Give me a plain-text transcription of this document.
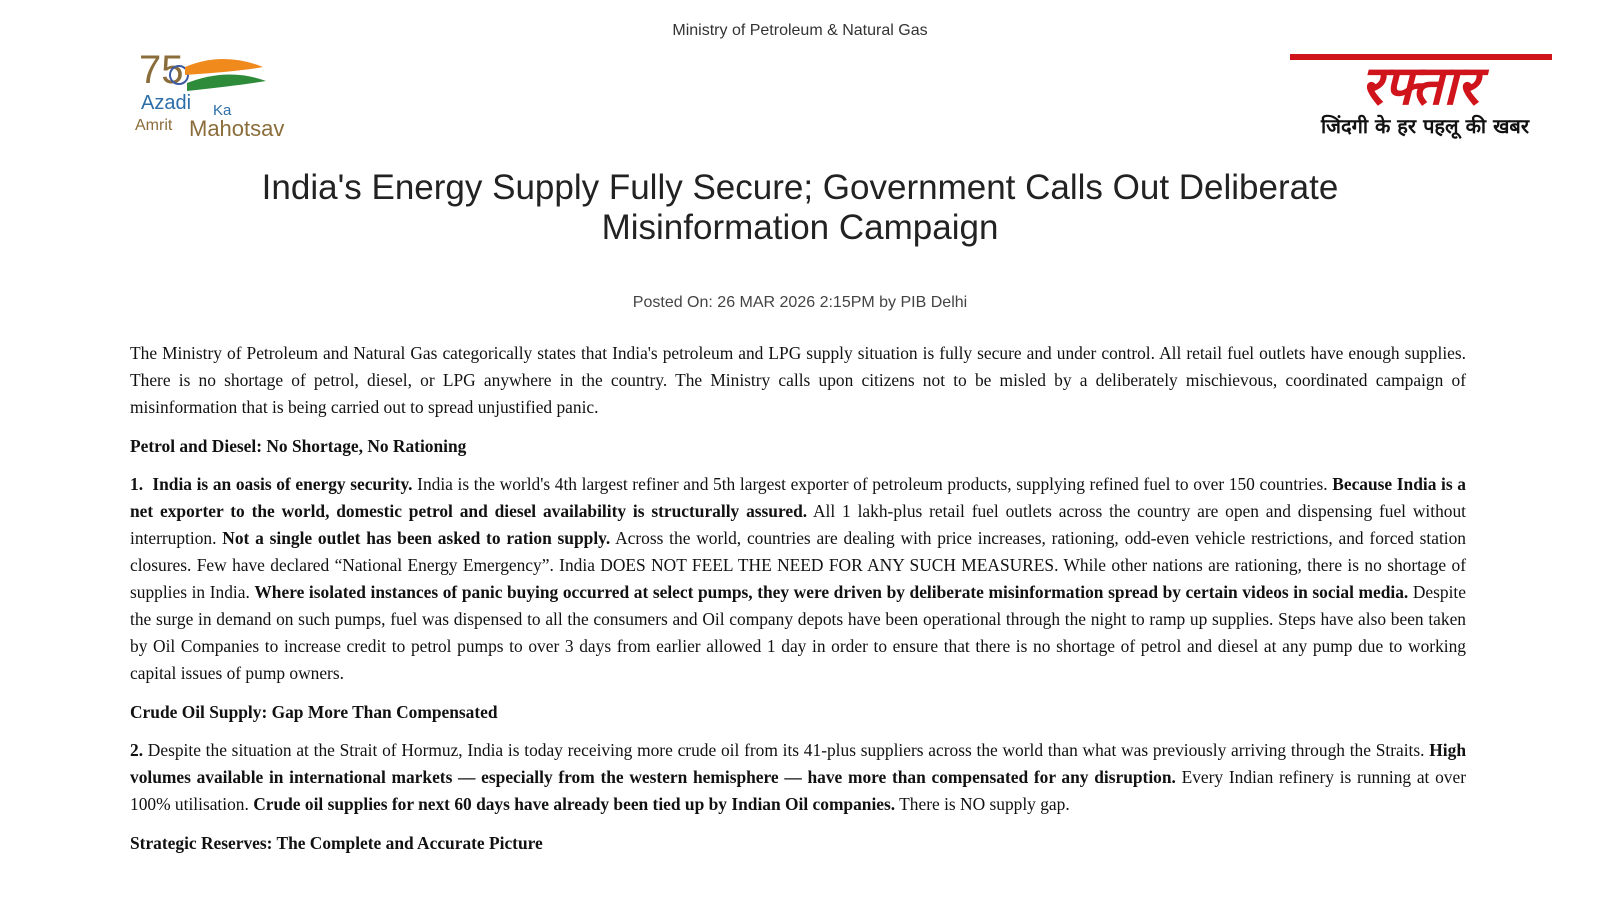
Ministry of Petroleum & Natural Gas
75
Azadi Ka
Amrit Mahotsav
रफ्तार
जिंदगी के हर पहलू की खबर
India's Energy Supply Fully Secure; Government Calls Out Deliberate
Misinformation Campaign
Posted On: 26 MAR 2026 2:15PM by PIB Delhi

The Ministry of Petroleum and Natural Gas categorically states that India's petroleum and LPG supply situation is fully secure and under control. All retail fuel outlets have enough supplies. There is no shortage of petrol, diesel, or LPG anywhere in the country. The Ministry calls upon citizens not to be misled by a deliberately mischievous, coordinated campaign of misinformation that is being carried out to spread unjustified panic.

Petrol and Diesel: No Shortage, No Rationing

1. India is an oasis of energy security. India is the world's 4th largest refiner and 5th largest exporter of petroleum products, supplying refined fuel to over 150 countries. Because India is a net exporter to the world, domestic petrol and diesel availability is structurally assured. All 1 lakh-plus retail fuel outlets across the country are open and dispensing fuel without interruption. Not a single outlet has been asked to ration supply. Across the world, countries are dealing with price increases, rationing, odd-even vehicle restrictions, and forced station closures. Few have declared “National Energy Emergency”. India DOES NOT FEEL THE NEED FOR ANY SUCH MEASURES. While other nations are rationing, there is no shortage of supplies in India. Where isolated instances of panic buying occurred at select pumps, they were driven by deliberate misinformation spread by certain videos in social media. Despite the surge in demand on such pumps, fuel was dispensed to all the consumers and Oil company depots have been operational through the night to ramp up supplies. Steps have also been taken by Oil Companies to increase credit to petrol pumps to over 3 days from earlier allowed 1 day in order to ensure that there is no shortage of petrol and diesel at any pump due to working capital issues of pump owners.

Crude Oil Supply: Gap More Than Compensated

2. Despite the situation at the Strait of Hormuz, India is today receiving more crude oil from its 41-plus suppliers across the world than what was previously arriving through the Straits. High volumes available in international markets — especially from the western hemisphere — have more than compensated for any disruption. Every Indian refinery is running at over 100% utilisation. Crude oil supplies for next 60 days have already been tied up by Indian Oil companies. There is NO supply gap.

Strategic Reserves: The Complete and Accurate Picture
